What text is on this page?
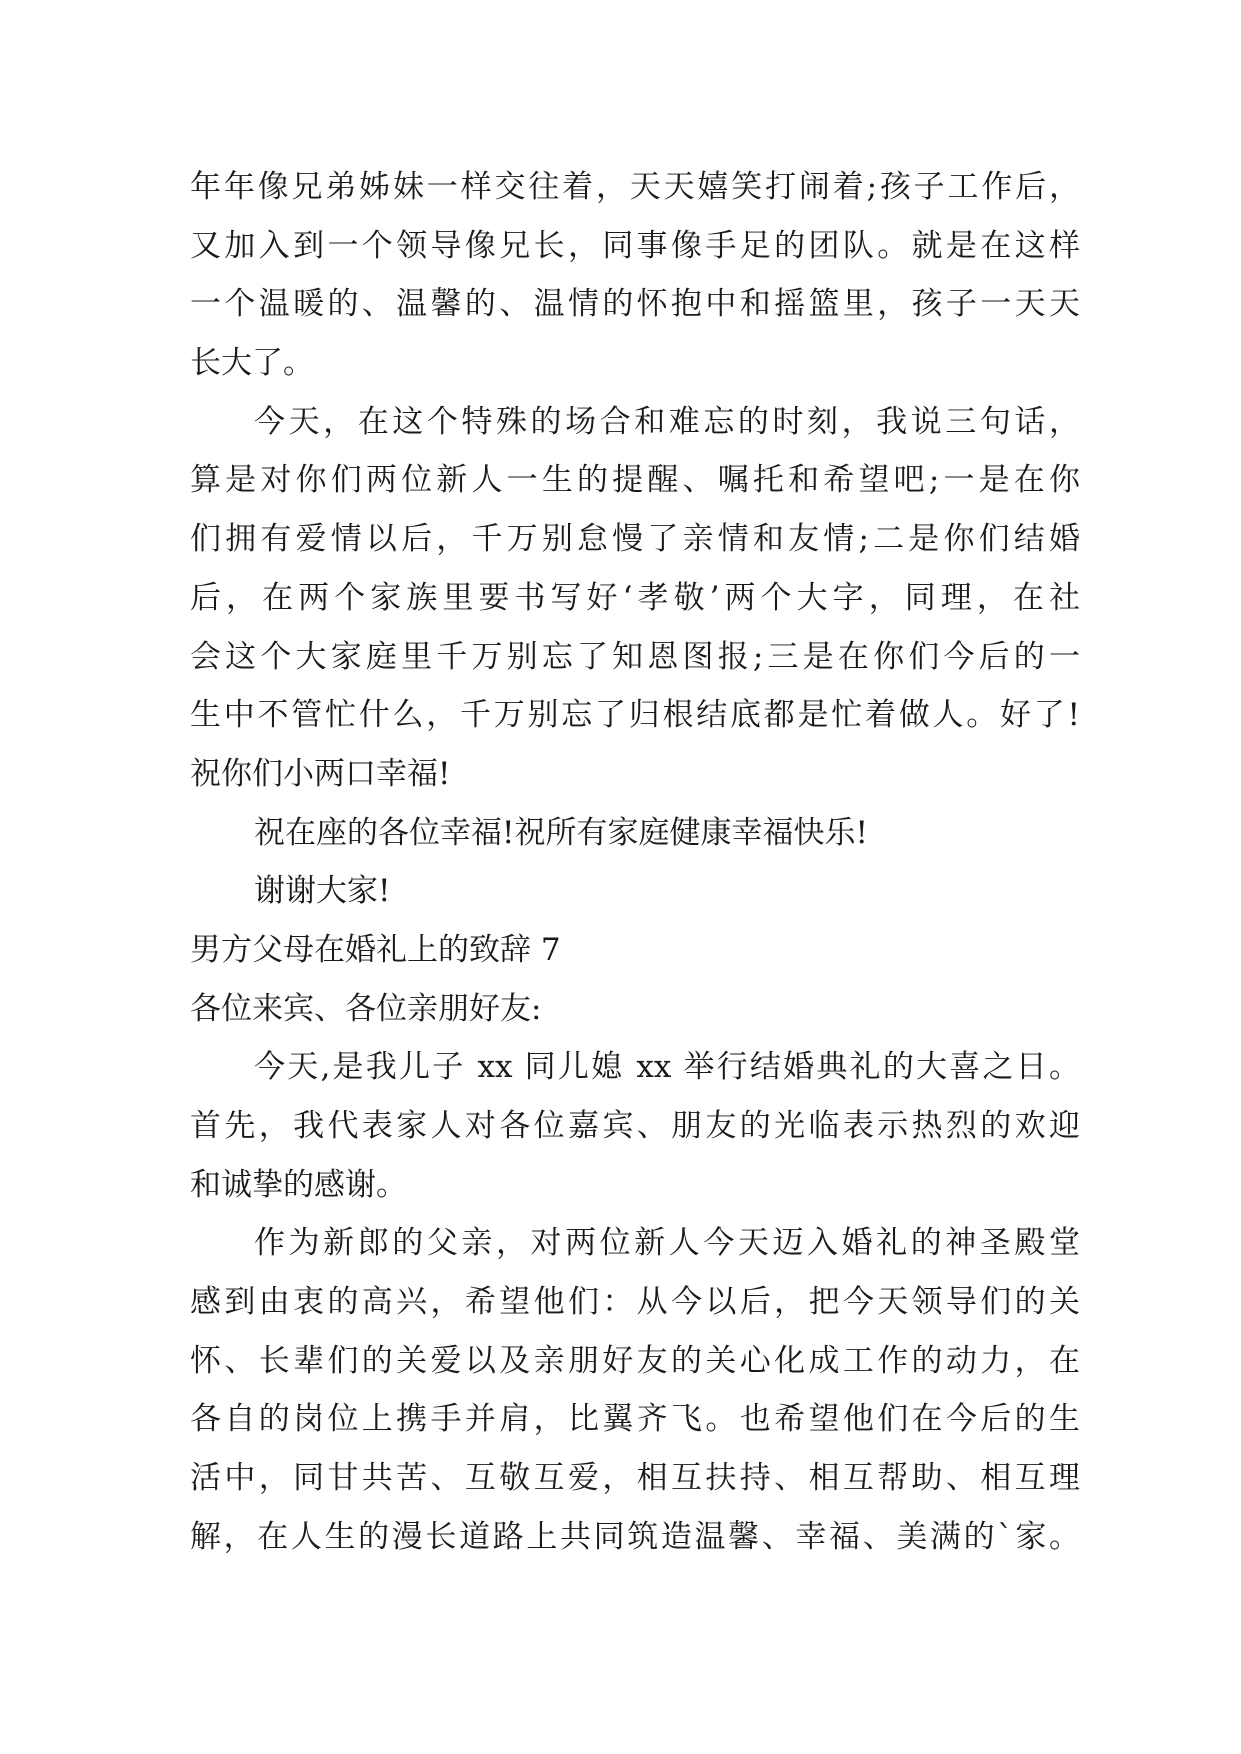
年年像兄弟姊妹一样交往着，天天嬉笑打闹着;孩子工作后，
又加入到一个领导像兄长，同事像手足的团队。就是在这样
一个温暖的、温馨的、温情的怀抱中和摇篮里，孩子一天天
长大了。
今天，在这个特殊的场合和难忘的时刻，我说三句话，
算是对你们两位新人一生的提醒、嘱托和希望吧;一是在你
们拥有爱情以后，千万别怠慢了亲情和友情;二是你们结婚
后，在两个家族里要书写好‘孝敬’两个大字，同理，在社
会这个大家庭里千万别忘了知恩图报;三是在你们今后的一
生中不管忙什么，千万别忘了归根结底都是忙着做人。好了!
祝你们小两口幸福!
祝在座的各位幸福!祝所有家庭健康幸福快乐!
谢谢大家!
男方父母在婚礼上的致辞 7
各位来宾、各位亲朋好友:
今天,是我儿子 xx 同儿媳 xx 举行结婚典礼的大喜之日。
首先，我代表家人对各位嘉宾、朋友的光临表示热烈的欢迎
和诚挚的感谢。
作为新郎的父亲，对两位新人今天迈入婚礼的神圣殿堂
感到由衷的高兴，希望他们：从今以后，把今天领导们的关
怀、长辈们的关爱以及亲朋好友的关心化成工作的动力，在
各自的岗位上携手并肩，比翼齐飞。也希望他们在今后的生
活中，同甘共苦、互敬互爱，相互扶持、相互帮助、相互理
解，在人生的漫长道路上共同筑造温馨、幸福、美满的`家。
